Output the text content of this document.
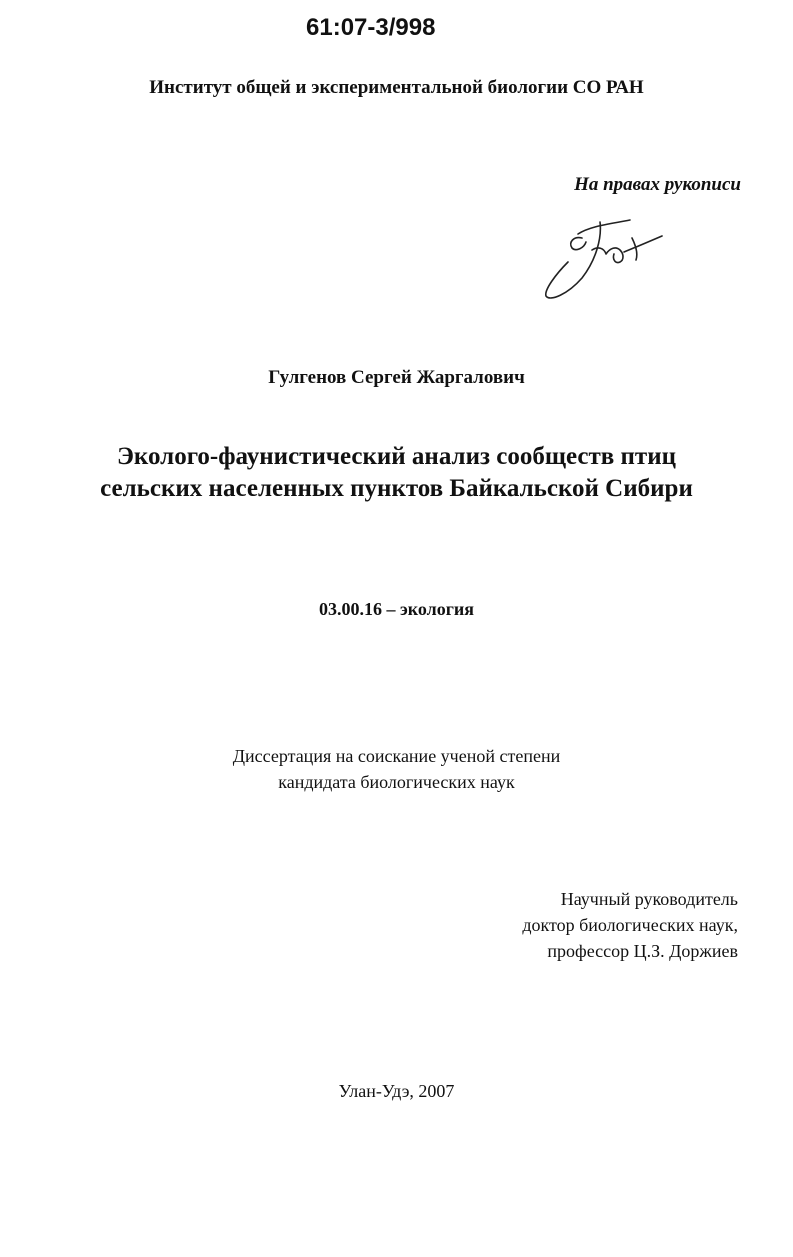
61:07-3/998
Институт общей и экспериментальной биологии СО РАН
На правах рукописи
Гулгенов Сергей Жаргалович
Эколого-фаунистический анализ сообществ птиц
сельских населенных пунктов Байкальской Сибири
03.00.16 – экология
Диссертация на соискание ученой степени
кандидата биологических наук
Научный руководитель
доктор биологических наук,
профессор Ц.З. Доржиев
Улан-Удэ, 2007
